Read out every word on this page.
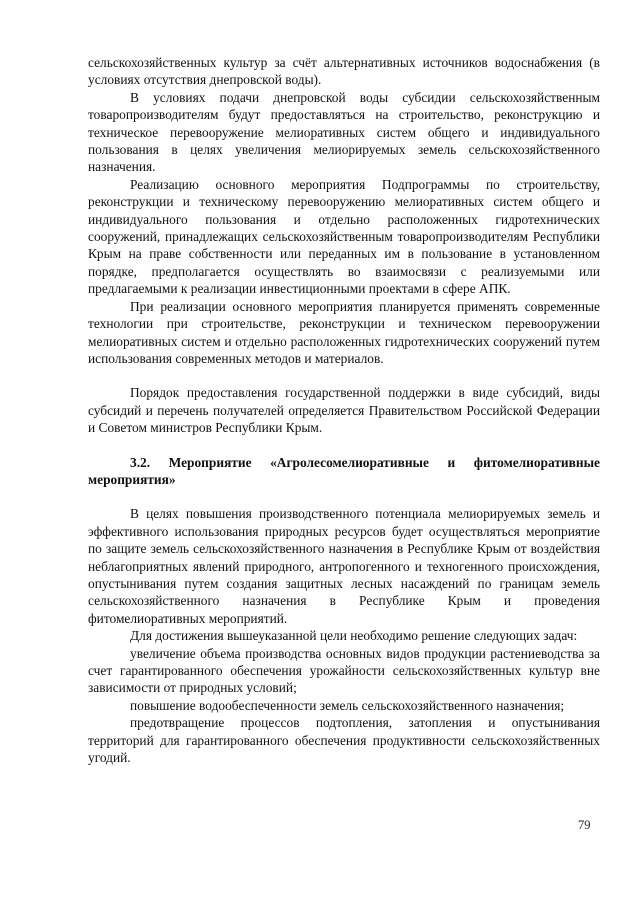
сельскохозяйственных культур за счёт альтернативных источников водоснабжения (в условиях отсутствия днепровской воды).

В условиях подачи днепровской воды субсидии сельскохозяйственным товаропроизводителям будут предоставляться на строительство, реконструкцию и техническое перевооружение мелиоративных систем общего и индивидуального пользования в целях увеличения мелиорируемых земель сельскохозяйственного назначения.

Реализацию основного мероприятия Подпрограммы по строительству, реконструкции и техническому перевооружению мелиоративных систем общего и индивидуального пользования и отдельно расположенных гидротехнических сооружений, принадлежащих сельскохозяйственным товаропроизводителям Республики Крым на праве собственности или переданных им в пользование в установленном порядке, предполагается осуществлять во взаимосвязи с реализуемыми или предлагаемыми к реализации инвестиционными проектами в сфере АПК.

При реализации основного мероприятия планируется применять современные технологии при строительстве, реконструкции и техническом перевооружении мелиоративных систем и отдельно расположенных гидротехнических сооружений путем использования современных методов и материалов.

Порядок предоставления государственной поддержки в виде субсидий, виды субсидий и перечень получателей определяется Правительством Российской Федерации и Советом министров Республики Крым.

3.2. Мероприятие «Агролесомелиоративные и фитомелиоративные мероприятия»

В целях повышения производственного потенциала мелиорируемых земель и эффективного использования природных ресурсов будет осуществляться мероприятие по защите земель сельскохозяйственного назначения в Республике Крым от воздействия неблагоприятных явлений природного, антропогенного и техногенного происхождения, опустынивания путем создания защитных лесных насаждений по границам земель сельскохозяйственного назначения в Республике Крым и проведения фитомелиоративных мероприятий.

Для достижения вышеуказанной цели необходимо решение следующих задач:

увеличение объема производства основных видов продукции растениеводства за счет гарантированного обеспечения урожайности сельскохозяйственных культур вне зависимости от природных условий;

повышение водообеспеченности земель сельскохозяйственного назначения;

предотвращение процессов подтопления, затопления и опустынивания территорий для гарантированного обеспечения продуктивности сельскохозяйственных угодий.

79
